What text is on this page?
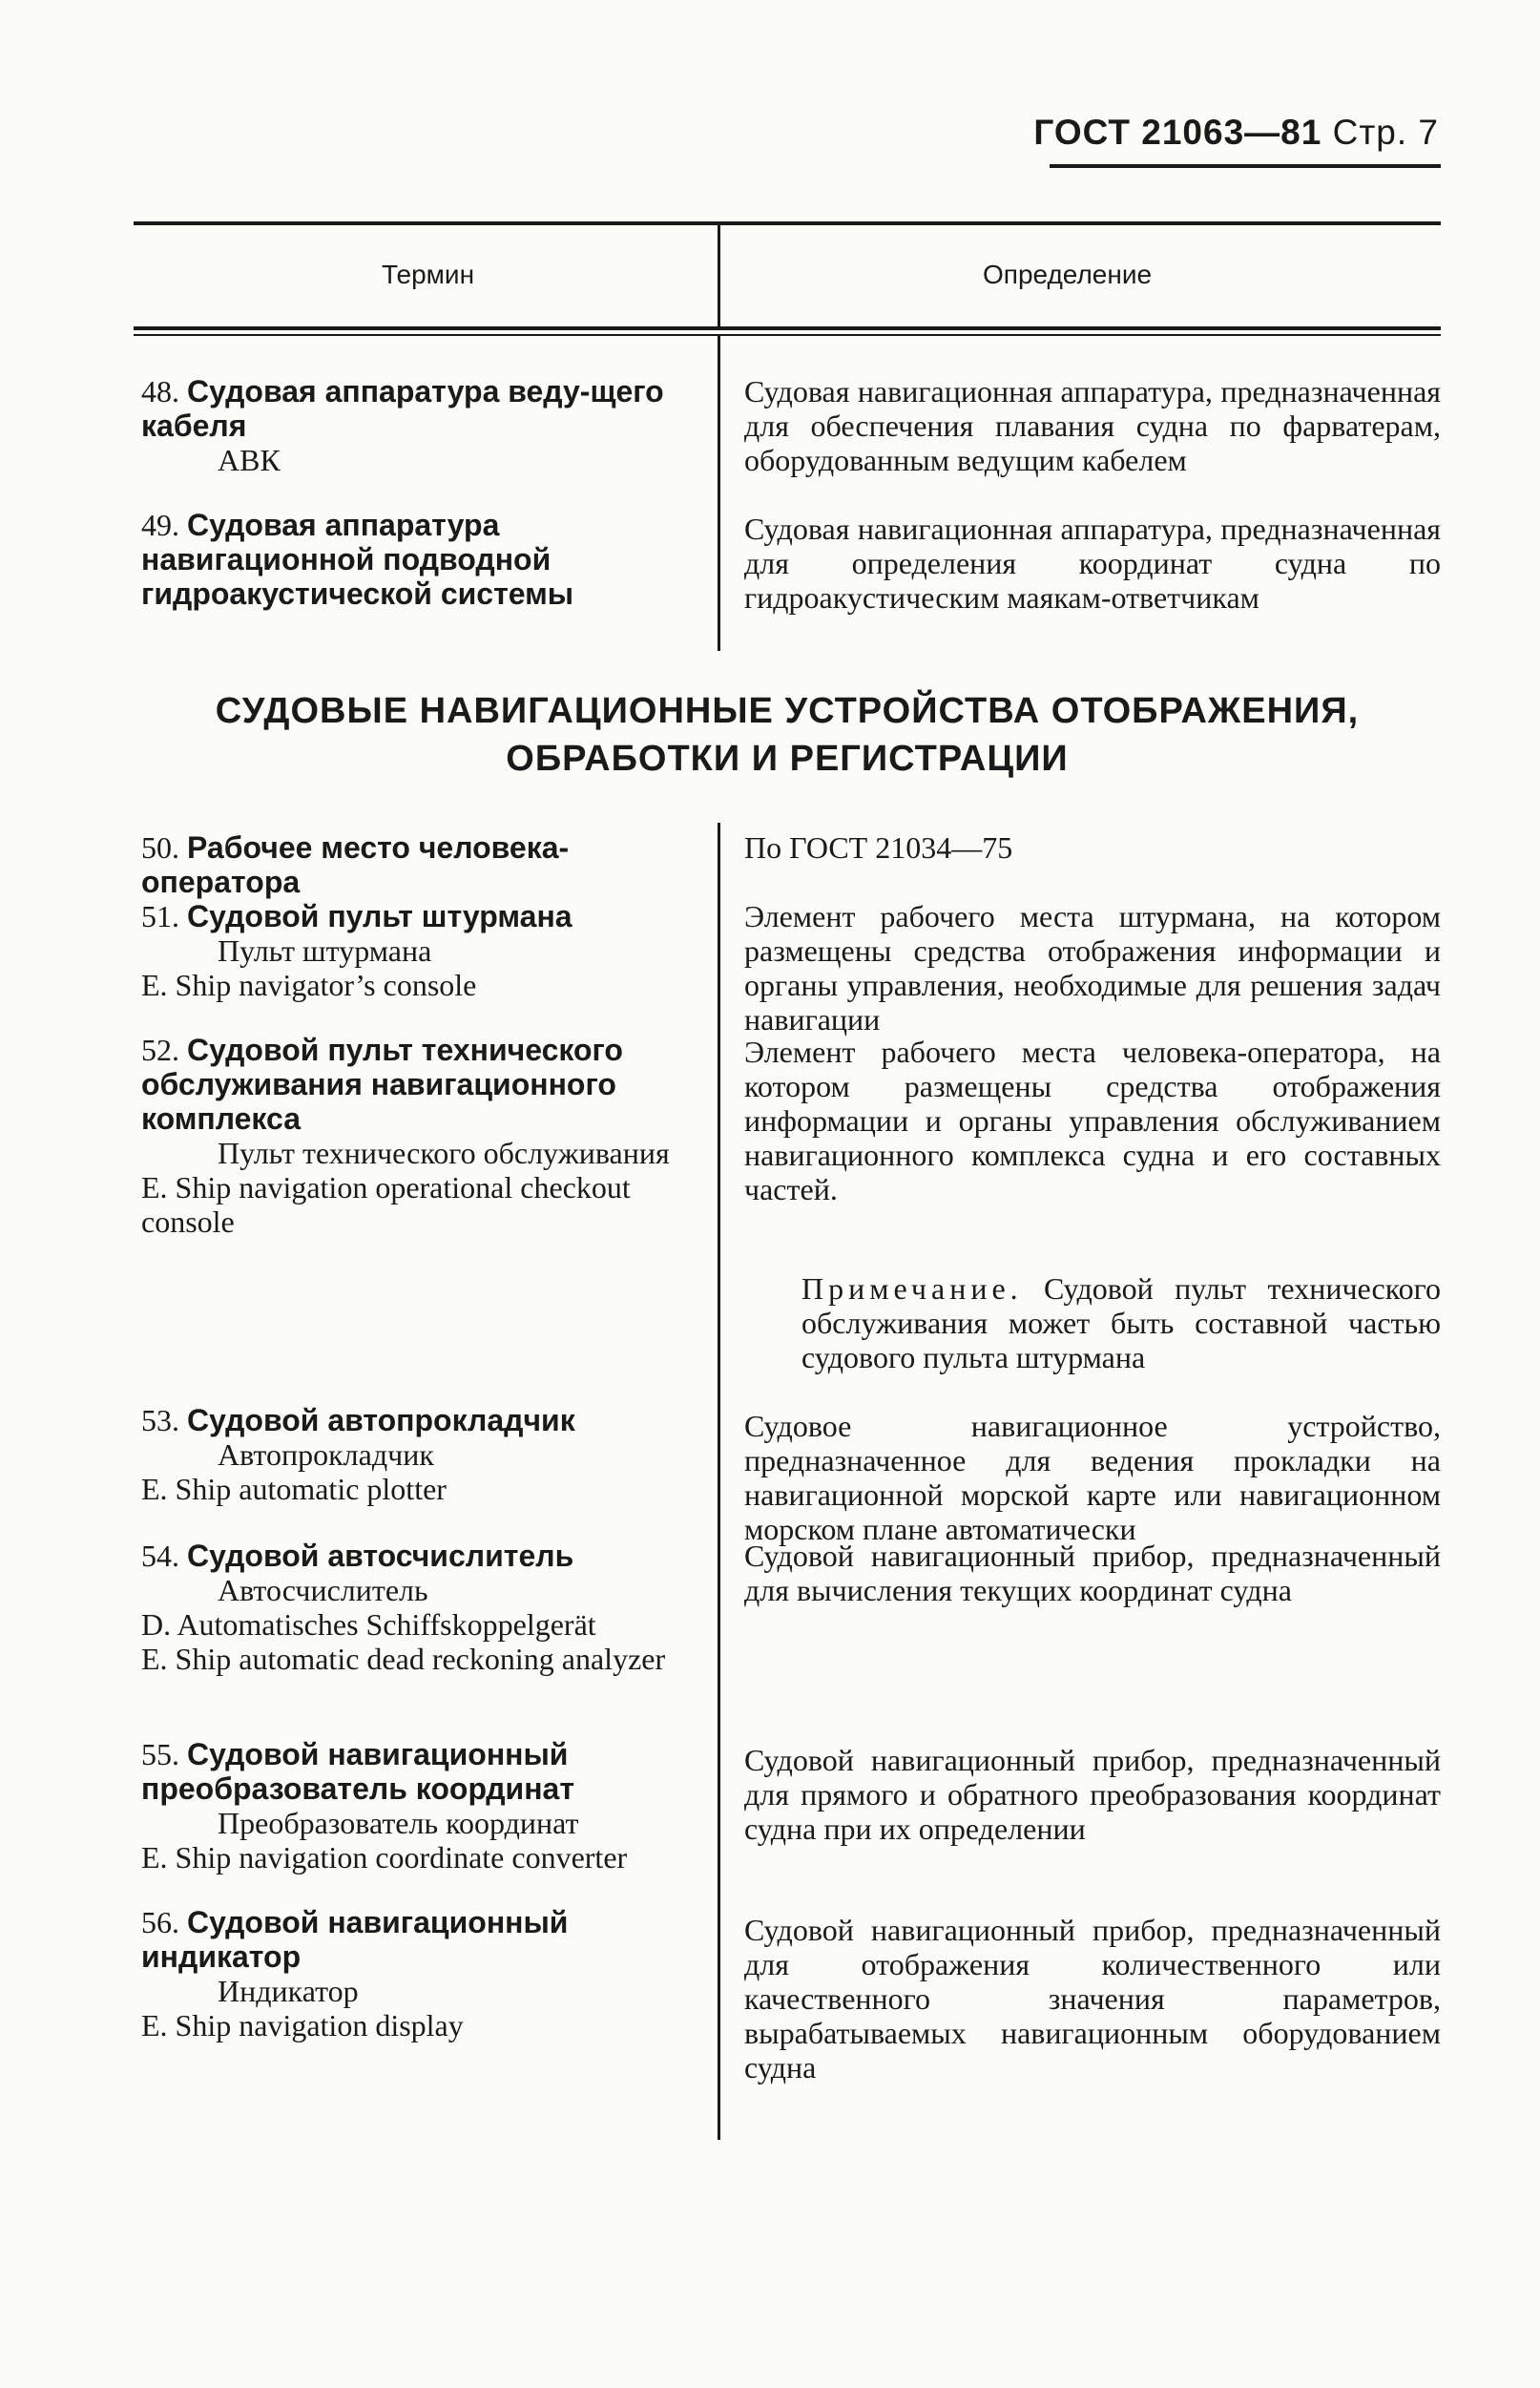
ГОСТ 21063—81 Стр. 7
Термин	Определение
48. Судовая аппаратура веду-щего кабеля
АВК
Судовая навигационная аппаратура, предназначенная для обеспечения плавания судна по фарватерам, оборудованным ведущим кабелем
49. Судовая аппаратура навигационной подводной гидроакустической системы
Судовая навигационная аппаратура, предназначенная для определения координат судна по гидроакустическим маякам-ответчикам
СУДОВЫЕ НАВИГАЦИОННЫЕ УСТРОЙСТВА ОТОБРАЖЕНИЯ,
ОБРАБОТКИ И РЕГИСТРАЦИИ
50. Рабочее место человека-оператора
По ГОСТ 21034—75
51. Судовой пульт штурмана
Пульт штурмана
E. Ship navigator’s console
Элемент рабочего места штурмана, на котором размещены средства отображения информации и органы управления, необходимые для решения задач навигации
52. Судовой пульт технического обслуживания навигационного комплекса
Пульт технического обслуживания
E. Ship navigation operational checkout console
Элемент рабочего места человека-оператора, на котором размещены средства отображения информации и органы управления обслуживанием навигационного комплекса судна и его составных частей.
Примечание. Судовой пульт технического обслуживания может быть составной частью судового пульта штурмана
53. Судовой автопрокладчик
Автопрокладчик
E. Ship automatic plotter
Судовое навигационное устройство, предназначенное для ведения прокладки на навигационной морской карте или навигационном морском плане автоматически
54. Судовой автосчислитель
Автосчислитель
D. Automatisches Schiffskoppelgerät
E. Ship automatic dead reckoning analyzer
Судовой навигационный прибор, предназначенный для вычисления текущих координат судна
55. Судовой навигационный преобразователь координат
Преобразователь координат
E. Ship navigation coordinate converter
Судовой навигационный прибор, предназначенный для прямого и обратного преобразования координат судна при их определении
56. Судовой навигационный индикатор
Индикатор
E. Ship navigation display
Судовой навигационный прибор, предназначенный для отображения количественного или качественного значения параметров, вырабатываемых навигационным оборудованием судна
